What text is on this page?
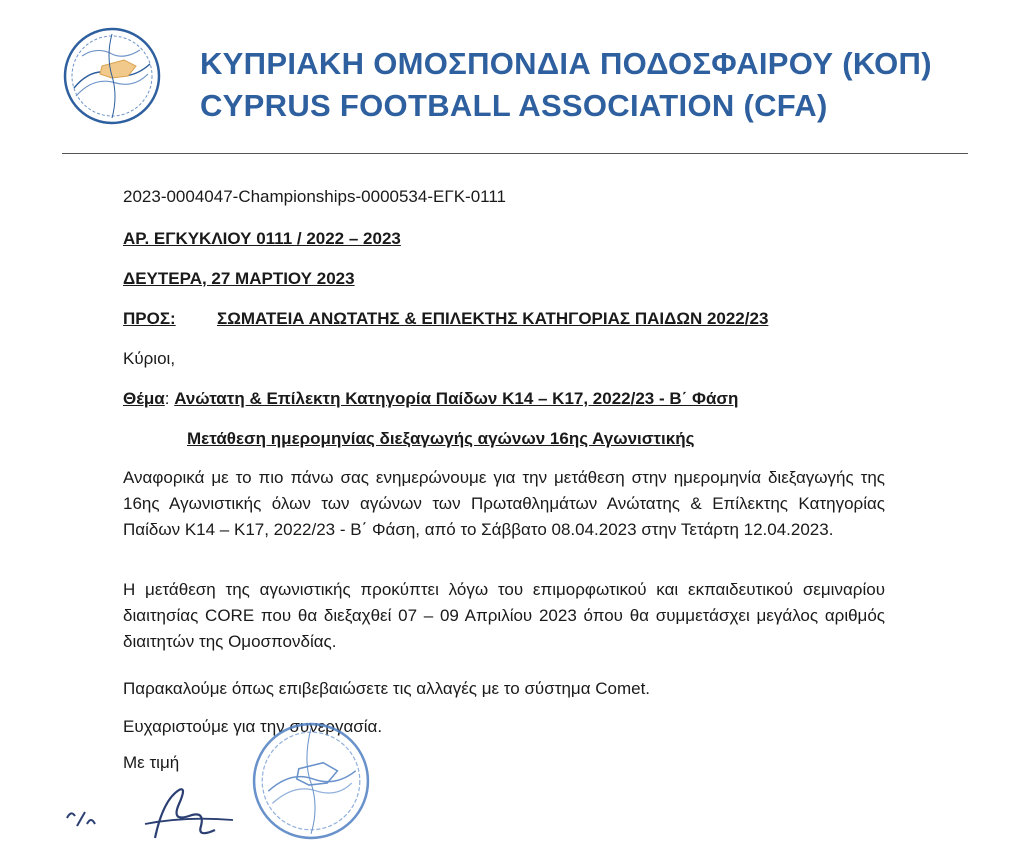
ΚΥΠΡΙΑΚΗ ΟΜΟΣΠΟΝΔΙΑ ΠΟΔΟΣΦΑΙΡΟΥ (ΚΟΠ)
CYPRUS FOOTBALL ASSOCIATION (CFA)
2023-0004047-Championships-0000534-ΕΓΚ-0111
ΑΡ. ΕΓΚΥΚΛΙΟΥ 0111 / 2022 – 2023
ΔΕΥΤΕΡΑ, 27 ΜΑΡΤΙΟΥ 2023
ΠΡΟΣ: ΣΩΜΑΤΕΙΑ ΑΝΩΤΑΤΗΣ & ΕΠΙΛΕΚΤΗΣ ΚΑΤΗΓΟΡΙΑΣ ΠΑΙΔΩΝ 2022/23
Κύριοι,
Θέμα: Ανώτατη & Επίλεκτη Κατηγορία Παίδων Κ14 – Κ17, 2022/23 - Β΄ Φάση
Μετάθεση ημερομηνίας διεξαγωγής αγώνων 16ης Αγωνιστικής
Αναφορικά με το πιο πάνω σας ενημερώνουμε για την μετάθεση στην ημερομηνία διεξαγωγής της 16ης Αγωνιστικής όλων των αγώνων των Πρωταθλημάτων Ανώτατης & Επίλεκτης Κατηγορίας Παίδων Κ14 – Κ17, 2022/23 - Β΄ Φάση, από το Σάββατο 08.04.2023 στην Τετάρτη 12.04.2023.
Η μετάθεση της αγωνιστικής προκύπτει λόγω του επιμορφωτικού και εκπαιδευτικού σεμιναρίου διαιτησίας CORE που θα διεξαχθεί 07 – 09 Απριλίου 2023 όπου θα συμμετάσχει μεγάλος αριθμός διαιτητών της Ομοσπονδίας.
Παρακαλούμε όπως επιβεβαιώσετε τις αλλαγές με το σύστημα Comet.
Ευχαριστούμε για την συνεργασία.
Με τιμή
